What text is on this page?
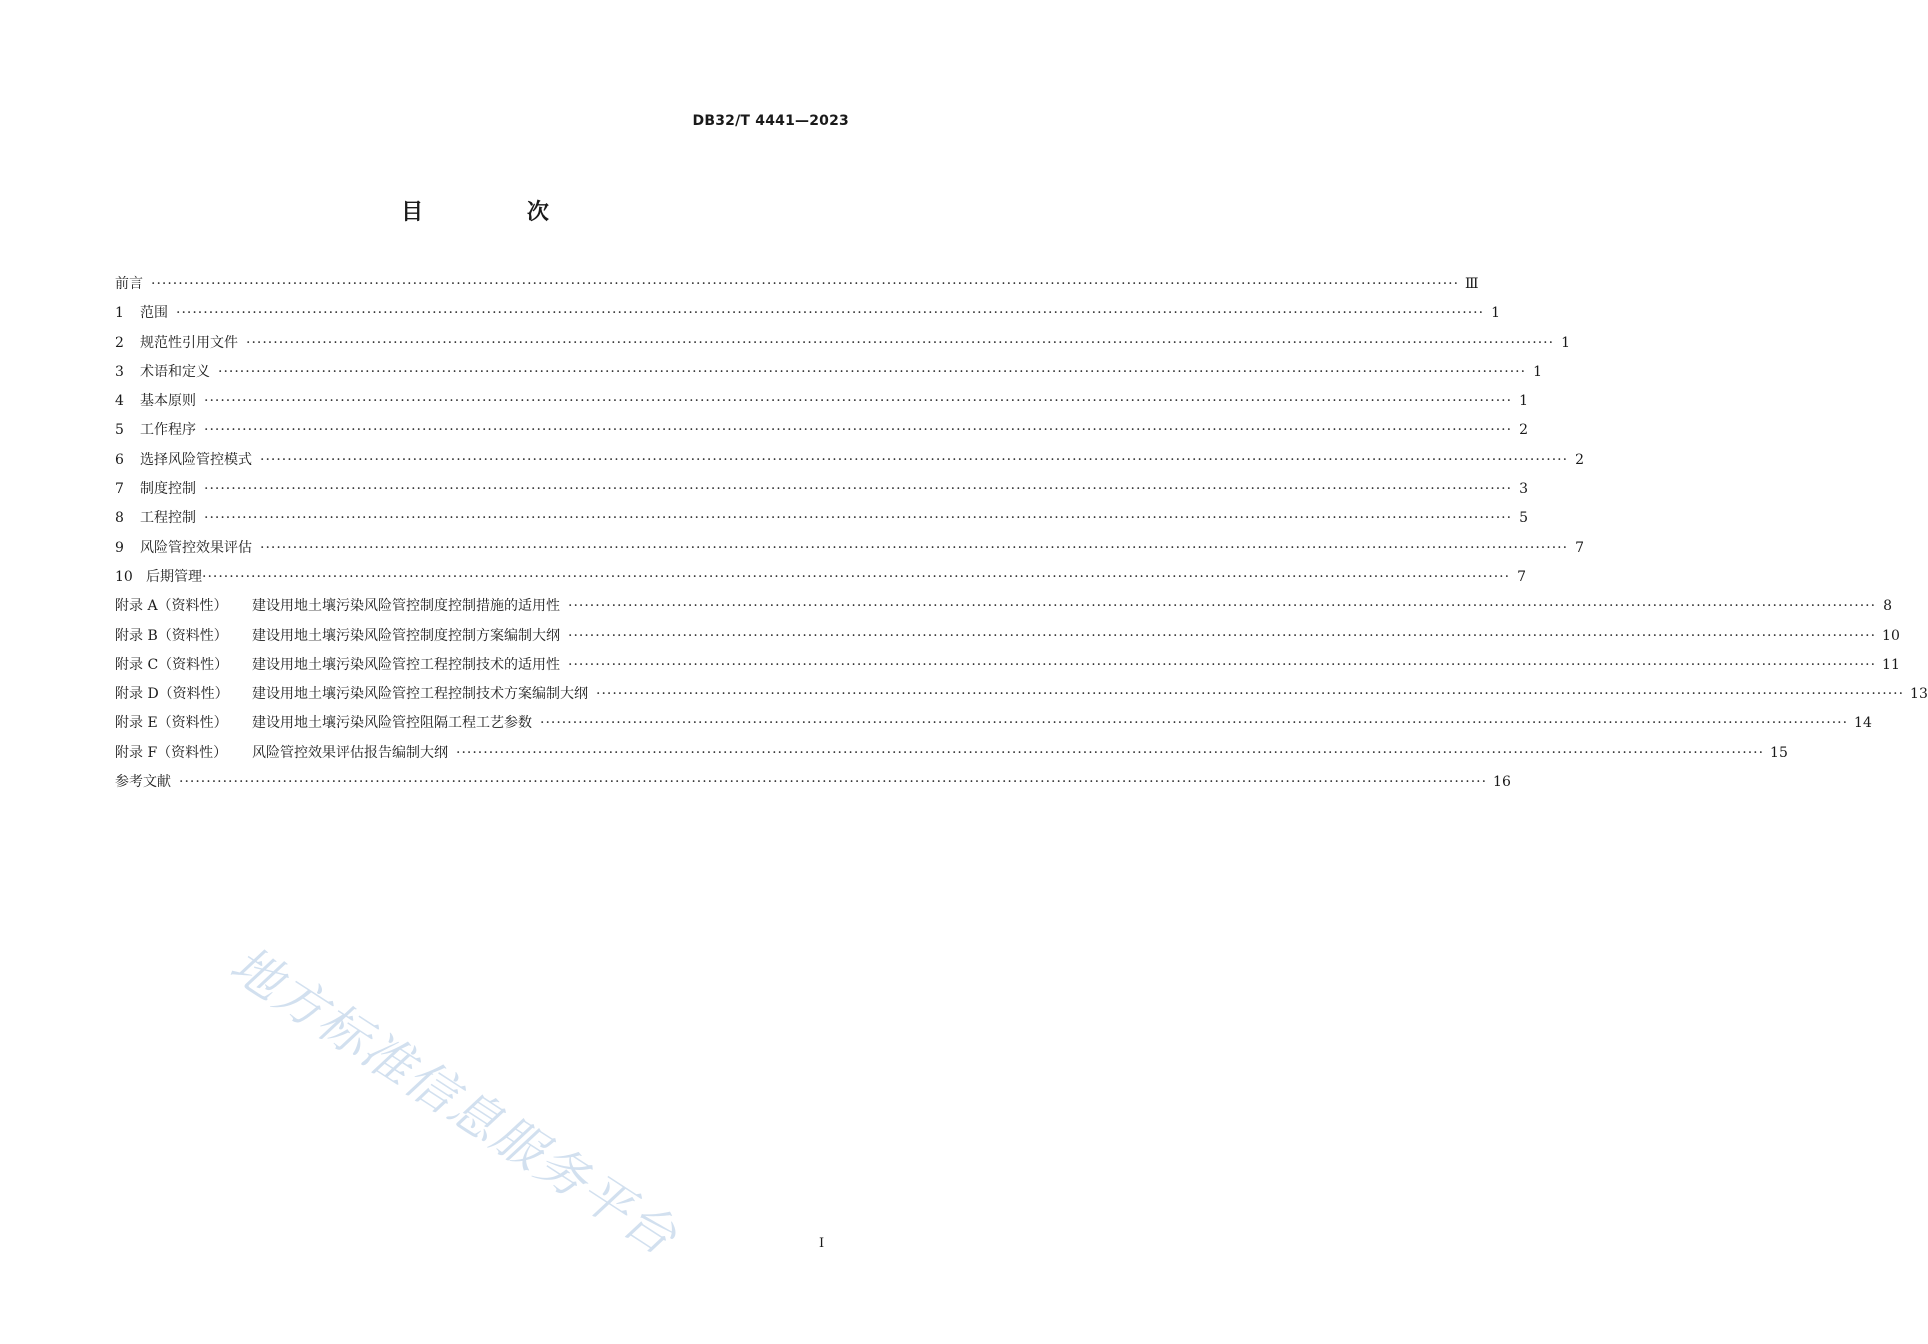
DB32/T 4441—2023
目 次
前言 ················································································································································································································································ Ⅲ
1	范围 ················································································································································································································································ 1
2	规范性引用文件 ················································································································································································································································ 1
3	术语和定义 ················································································································································································································································ 1
4	基本原则 ················································································································································································································································ 1
5	工作程序 ················································································································································································································································ 2
6	选择风险管控模式 ················································································································································································································································ 2
7	制度控制 ················································································································································································································································ 3
8	工程控制 ················································································································································································································································ 5
9	风险管控效果评估 ················································································································································································································································ 7
10 后期管理 ················································································································································································································································ 7
附录 A（资料性）	建设用地土壤污染风险管控制度控制措施的适用性 ················································································································································································································································ 8
附录 B（资料性）	建设用地土壤污染风险管控制度控制方案编制大纲 ················································································································································································································································ 10
附录 C（资料性）	建设用地土壤污染风险管控工程控制技术的适用性 ················································································································································································································································ 11
附录 D（资料性）	建设用地土壤污染风险管控工程控制技术方案编制大纲 ················································································································································································································································ 13
附录 E（资料性）	建设用地土壤污染风险管控阻隔工程工艺参数 ················································································································································································································································ 14
附录 F（资料性）	风险管控效果评估报告编制大纲 ················································································································································································································································ 15
参考文献 ················································································································································································································································ 16
地方标准信息服务平台	I
